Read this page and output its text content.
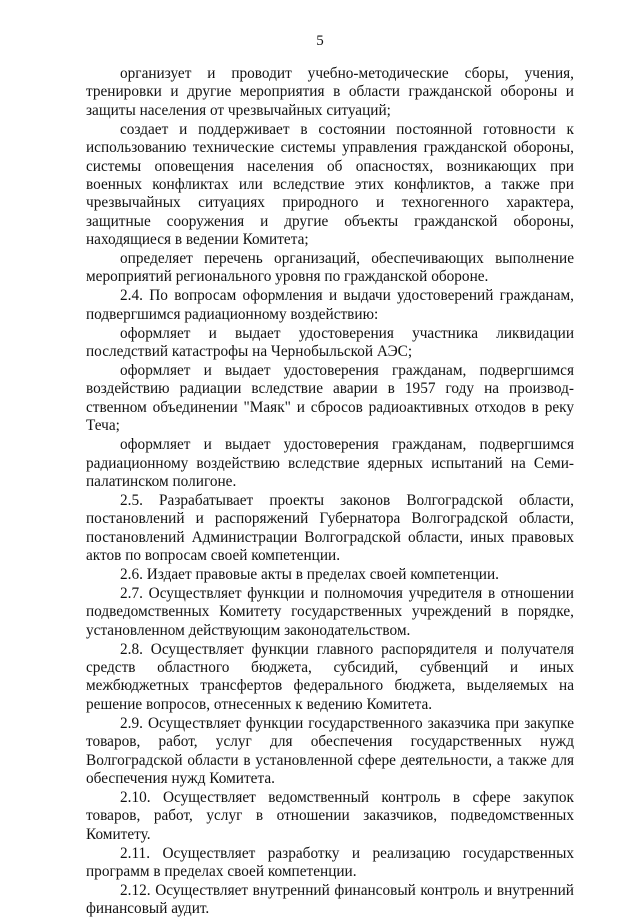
5

организует и проводит учебно-методические сборы, учения, тренировки и другие мероприятия в области гражданской обороны и защиты населения от чрезвычайных ситуаций;

создает и поддерживает в состоянии постоянной готовности к использованию технические системы управления гражданской обороны, системы оповещения населения об опасностях, возникающих при военных конфликтах или вследствие этих конфликтов, а также при чрезвычайных ситуациях природного и техногенного характера, защитные сооружения и другие объекты гражданской обороны, находящиеся в ведении Комитета;

определяет перечень организаций, обеспечивающих выполнение мероприятий регионального уровня по гражданской обороне.

2.4. По вопросам оформления и выдачи удостоверений гражданам, подвергшимся радиационному воздействию:

оформляет и выдает удостоверения участника ликвидации последствий катастрофы на Чернобыльской АЭС;

оформляет и выдает удостоверения гражданам, подвергшимся воздействию радиации вследствие аварии в 1957 году на производственном объединении "Маяк" и сбросов радиоактивных отходов в реку Теча;

оформляет и выдает удостоверения гражданам, подвергшимся радиационному воздействию вследствие ядерных испытаний на Семипалатинском полигоне.

2.5. Разрабатывает проекты законов Волгоградской области, постановлений и распоряжений Губернатора Волгоградской области, постановлений Администрации Волгоградской области, иных правовых актов по вопросам своей компетенции.

2.6. Издает правовые акты в пределах своей компетенции.

2.7. Осуществляет функции и полномочия учредителя в отношении подведомственных Комитету государственных учреждений в порядке, установленном действующим законодательством.

2.8. Осуществляет функции главного распорядителя и получателя средств областного бюджета, субсидий, субвенций и иных межбюджетных трансфертов федерального бюджета, выделяемых на решение вопросов, отнесенных к ведению Комитета.

2.9. Осуществляет функции государственного заказчика при закупке товаров, работ, услуг для обеспечения государственных нужд Волгоградской области в установленной сфере деятельности, а также для обеспечения нужд Комитета.

2.10. Осуществляет ведомственный контроль в сфере закупок товаров, работ, услуг в отношении заказчиков, подведомственных Комитету.

2.11. Осуществляет разработку и реализацию государственных программ в пределах своей компетенции.

2.12. Осуществляет внутренний финансовый контроль и внутренний финансовый аудит.
